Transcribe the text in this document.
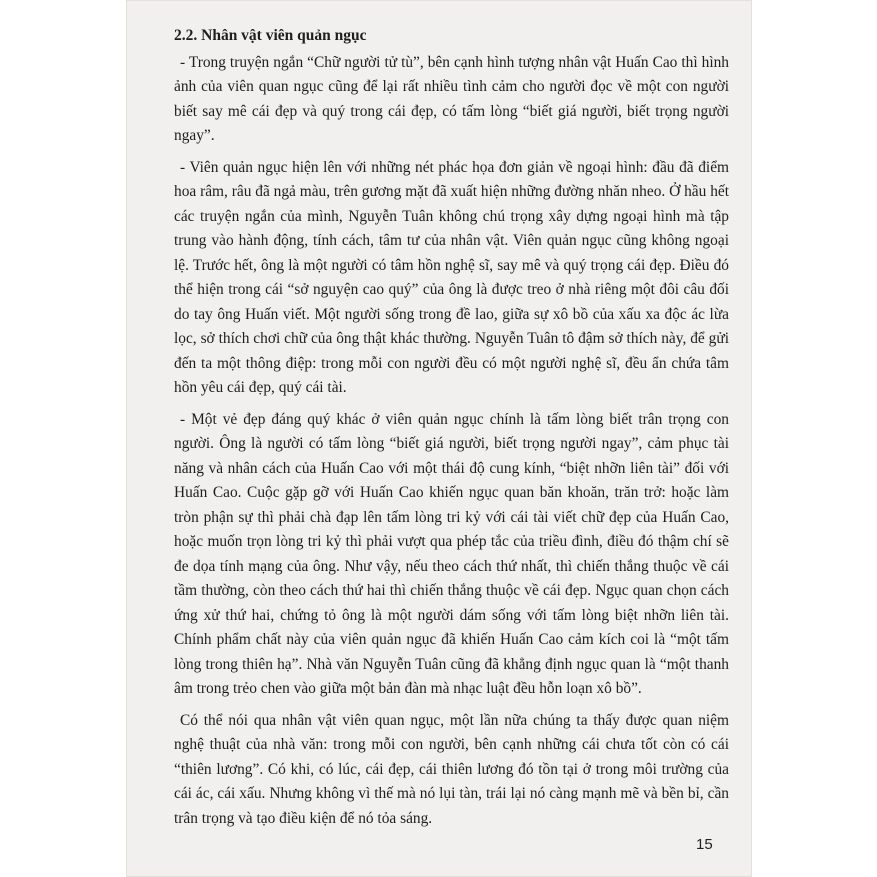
2.2. Nhân vật viên quản ngục

- Trong truyện ngắn “Chữ người tử tù”, bên cạnh hình tượng nhân vật Huấn Cao thì hình ảnh của viên quan ngục cũng để lại rất nhiều tình cảm cho người đọc về một con người biết say mê cái đẹp và quý trong cái đẹp, có tấm lòng “biết giá người, biết trọng người ngay”.

- Viên quản ngục hiện lên với những nét phác họa đơn giản về ngoại hình: đầu đã điểm hoa râm, râu đã ngả màu, trên gương mặt đã xuất hiện những đường nhăn nheo. Ở hầu hết các truyện ngắn của mình, Nguyễn Tuân không chú trọng xây dựng ngoại hình mà tập trung vào hành động, tính cách, tâm tư của nhân vật. Viên quản ngục cũng không ngoại lệ. Trước hết, ông là một người có tâm hồn nghệ sĩ, say mê và quý trọng cái đẹp. Điều đó thể hiện trong cái “sở nguyện cao quý” của ông là được treo ở nhà riêng một đôi câu đối do tay ông Huấn viết. Một người sống trong đề lao, giữa sự xô bồ của xấu xa độc ác lừa lọc, sở thích chơi chữ của ông thật khác thường. Nguyễn Tuân tô đậm sở thích này, để gửi đến ta một thông điệp: trong mỗi con người đều có một người nghệ sĩ, đều ẩn chứa tâm hồn yêu cái đẹp, quý cái tài.

- Một vẻ đẹp đáng quý khác ở viên quản ngục chính là tấm lòng biết trân trọng con người. Ông là người có tấm lòng “biết giá người, biết trọng người ngay”, cảm phục tài năng và nhân cách của Huấn Cao với một thái độ cung kính, “biệt nhỡn liên tài” đối với Huấn Cao. Cuộc gặp gỡ với Huấn Cao khiến ngục quan băn khoăn, trăn trở: hoặc làm tròn phận sự thì phải chà đạp lên tấm lòng tri kỷ với cái tài viết chữ đẹp của Huấn Cao, hoặc muốn trọn lòng tri kỷ thì phải vượt qua phép tắc của triều đình, điều đó thậm chí sẽ đe dọa tính mạng của ông. Như vậy, nếu theo cách thứ nhất, thì chiến thắng thuộc về cái tầm thường, còn theo cách thứ hai thì chiến thắng thuộc về cái đẹp. Ngục quan chọn cách ứng xử thứ hai, chứng tỏ ông là một người dám sống với tấm lòng biệt nhỡn liên tài. Chính phẩm chất này của viên quản ngục đã khiến Huấn Cao cảm kích coi là “một tấm lòng trong thiên hạ”. Nhà văn Nguyễn Tuân cũng đã khẳng định ngục quan là “một thanh âm trong trẻo chen vào giữa một bản đàn mà nhạc luật đều hỗn loạn xô bồ”.

Có thể nói qua nhân vật viên quan ngục, một lần nữa chúng ta thấy được quan niệm nghệ thuật của nhà văn: trong mỗi con người, bên cạnh những cái chưa tốt còn có cái “thiên lương”. Có khi, có lúc, cái đẹp, cái thiên lương đó tồn tại ở trong môi trường của cái ác, cái xấu. Nhưng không vì thế mà nó lụi tàn, trái lại nó càng mạnh mẽ và bền bỉ, cần trân trọng và tạo điều kiện để nó tỏa sáng.

15
